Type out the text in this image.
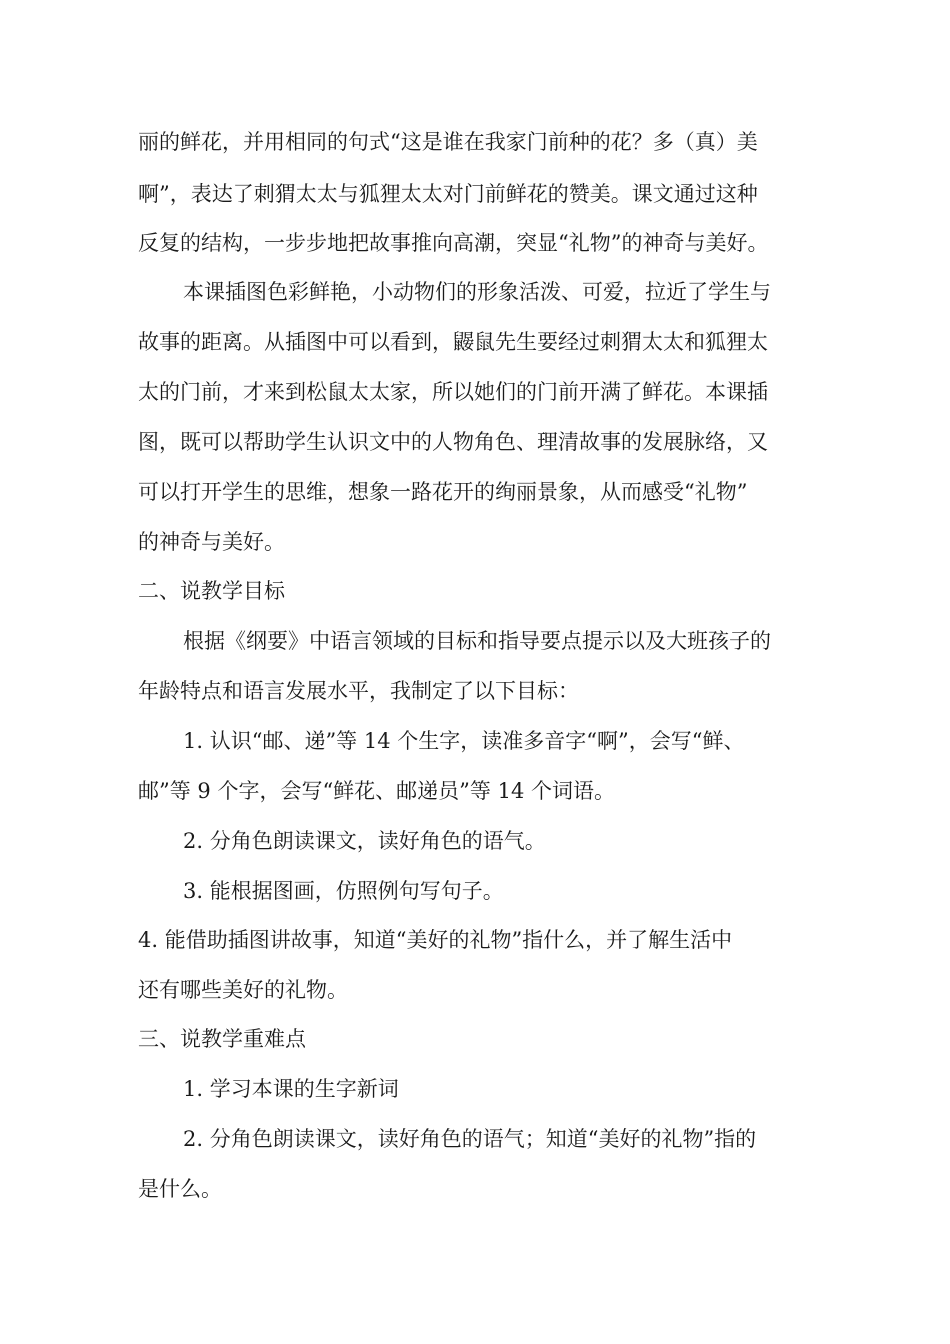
丽的鲜花，并用相同的句式“这是谁在我家门前种的花？多（真）美
啊”，表达了刺猬太太与狐狸太太对门前鲜花的赞美。课文通过这种
反复的结构，一步步地把故事推向高潮，突显“礼物”的神奇与美好。
本课插图色彩鲜艳，小动物们的形象活泼、可爱，拉近了学生与
故事的距离。从插图中可以看到，鼹鼠先生要经过刺猬太太和狐狸太
太的门前，才来到松鼠太太家，所以她们的门前开满了鲜花。本课插
图，既可以帮助学生认识文中的人物角色、理清故事的发展脉络，又
可以打开学生的思维，想象一路花开的绚丽景象，从而感受“礼物”
的神奇与美好。
二、说教学目标
根据《纲要》中语言领域的目标和指导要点提示以及大班孩子的
年龄特点和语言发展水平，我制定了以下目标：
1. 认识“邮、递”等 14 个生字，读准多音字“啊”，会写“鲜、
邮”等 9 个字，会写“鲜花、邮递员”等 14 个词语。
2. 分角色朗读课文，读好角色的语气。
3. 能根据图画，仿照例句写句子。
4. 能借助插图讲故事，知道“美好的礼物”指什么，并了解生活中
还有哪些美好的礼物。
三、说教学重难点
1. 学习本课的生字新词
2. 分角色朗读课文，读好角色的语气；知道“美好的礼物”指的
是什么。
